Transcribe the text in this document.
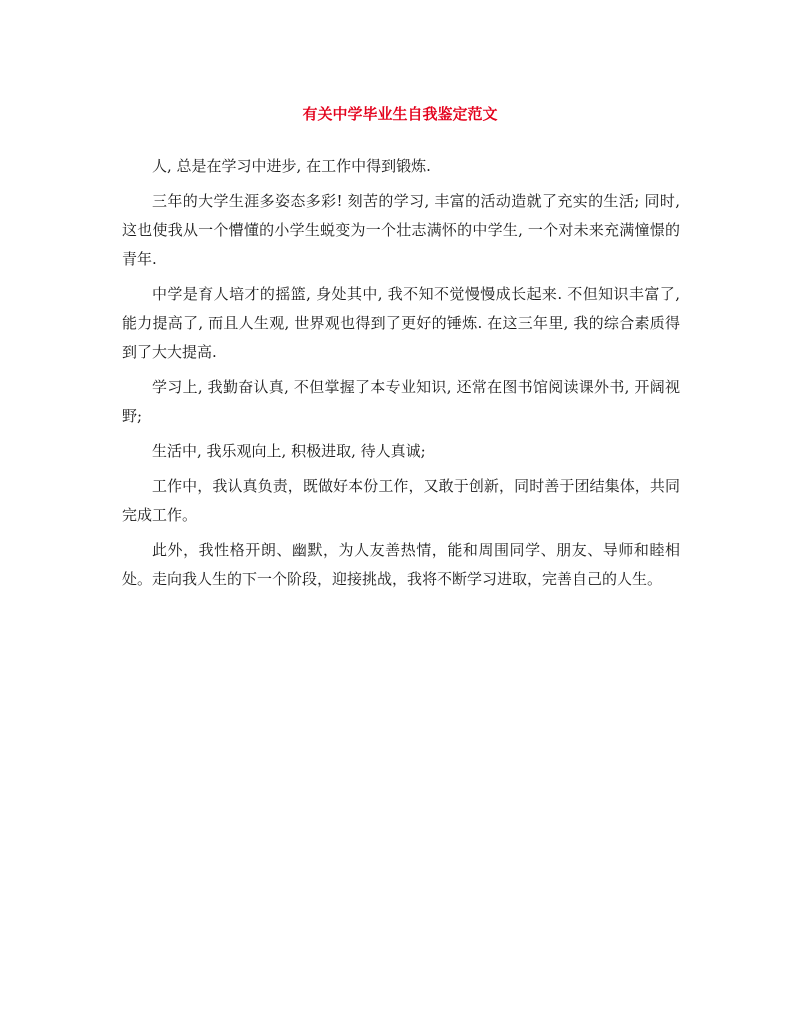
有关中学毕业生自我鉴定范文

人, 总是在学习中进步, 在工作中得到锻炼.

三年的大学生涯多姿态多彩! 刻苦的学习, 丰富的活动造就了充实的生活; 同时, 这也使我从一个懵懂的小学生蜕变为一个壮志满怀的中学生, 一个对未来充满憧憬的青年.

中学是育人培才的摇篮, 身处其中, 我不知不觉慢慢成长起来. 不但知识丰富了, 能力提高了, 而且人生观, 世界观也得到了更好的锤炼. 在这三年里, 我的综合素质得到了大大提高.

学习上, 我勤奋认真, 不但掌握了本专业知识, 还常在图书馆阅读课外书, 开阔视野;

生活中, 我乐观向上, 积极进取, 待人真诚;

工作中，我认真负责，既做好本份工作，又敢于创新，同时善于团结集体，共同完成工作。

此外，我性格开朗、幽默，为人友善热情，能和周围同学、朋友、导师和睦相处。走向我人生的下一个阶段，迎接挑战，我将不断学习进取，完善自己的人生。
